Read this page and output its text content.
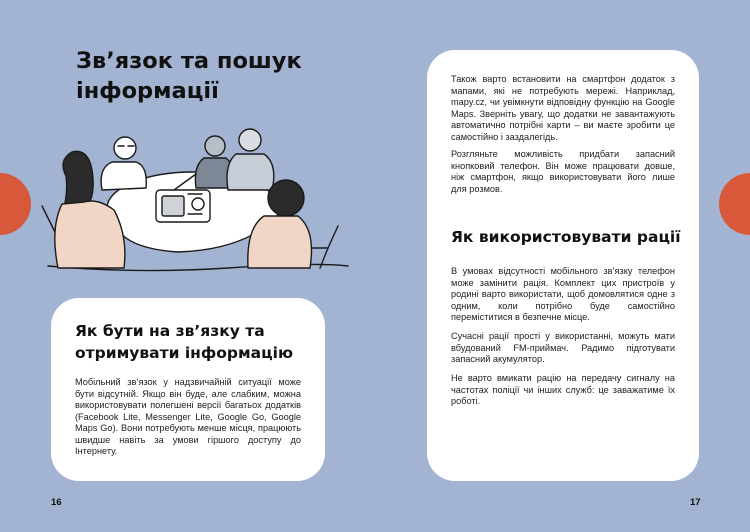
Зв’язок та пошук інформації
Як бути на зв’язку та отримувати інформацію

Мобільний зв’язок у надзвичайній ситуації може бути відсутній. Якщо він буде, але слабким, можна використовувати полегшені версії багатьох додатків (Facebook Lite, Messenger Lite, Google Go, Google Maps Go). Вони потребують менше місця, працюють швидше навіть за умови гіршого доступу до Інтернету.

Також варто встановити на смартфон додаток з мапами, які не потребують мережі. Наприклад, mapy.cz, чи увімкнути відповідну функцію на Google Maps. Зверніть увагу, що додатки не завантажують автоматично потрібні карти – ви маєте зробити це самостійно і заздалегідь.

Розгляньте можливість придбати запасний кнопковий телефон. Він може працювати довше, ніж смартфон, якщо використовувати його лише для розмов.

Як використовувати рації

В умовах відсутності мобільного зв’язку телефон може замінити рація. Комплект цих пристроїв у родині варто використати, щоб домовлятися одне з одним, коли потрібно буде самостійно переміститися в безпечне місце.

Сучасні рації прості у використанні, можуть мати вбудований FM-приймач. Радимо підготувати запасний акумулятор.

Не варто вмикати рацію на передачу сигналу на частотах поліції чи інших служб: це заважатиме їх роботі.

16	17
